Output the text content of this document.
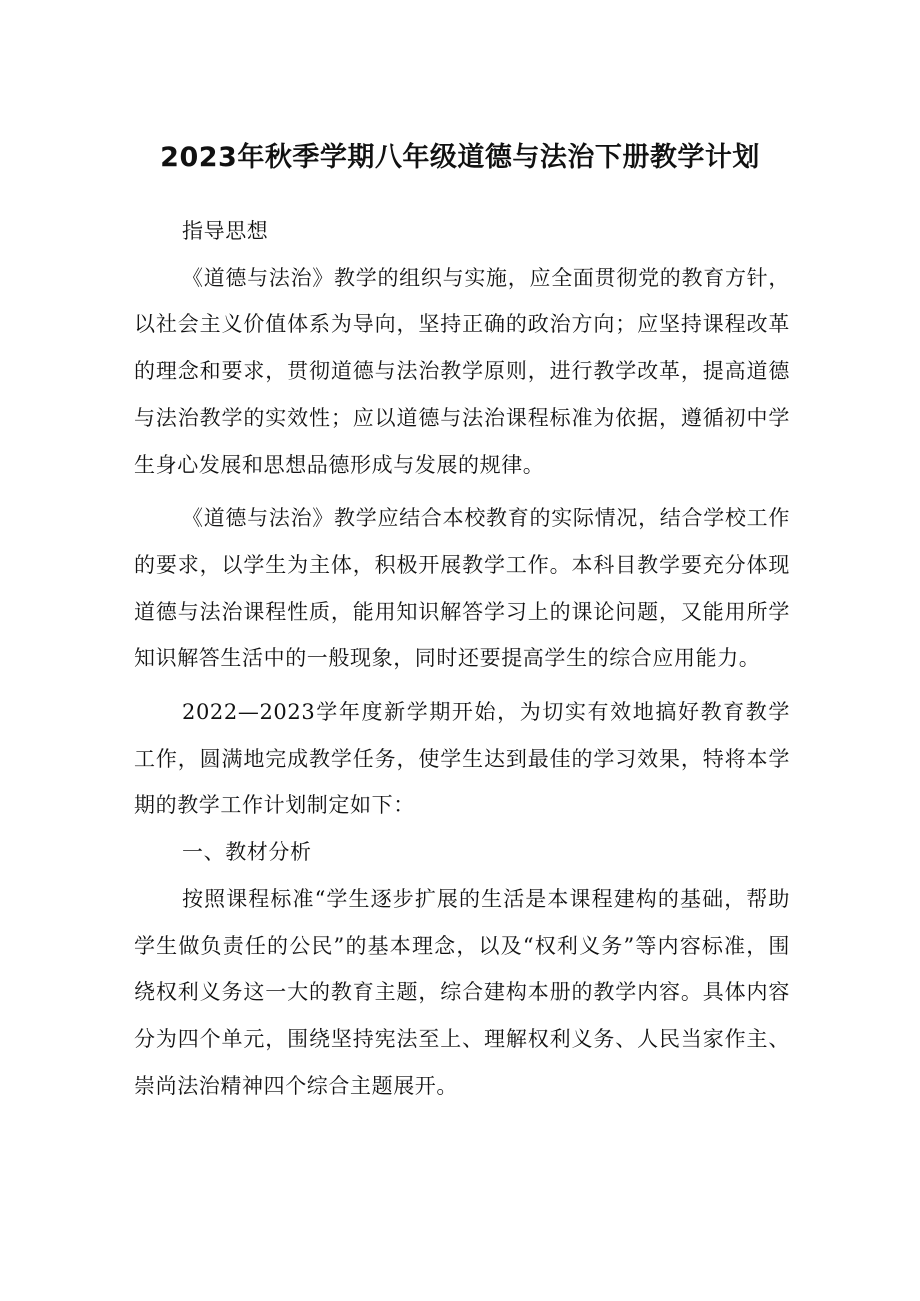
2023年秋季学期八年级道德与法治下册教学计划

指导思想

《道德与法治》教学的组织与实施，应全面贯彻党的教育方针，以社会主义价值体系为导向，坚持正确的政治方向；应坚持课程改革的理念和要求，贯彻道德与法治教学原则，进行教学改革，提高道德与法治教学的实效性；应以道德与法治课程标准为依据，遵循初中学生身心发展和思想品德形成与发展的规律。

《道德与法治》教学应结合本校教育的实际情况，结合学校工作的要求，以学生为主体，积极开展教学工作。本科目教学要充分体现道德与法治课程性质，能用知识解答学习上的课论问题，又能用所学知识解答生活中的一般现象，同时还要提高学生的综合应用能力。

2022—2023学年度新学期开始，为切实有效地搞好教育教学工作，圆满地完成教学任务，使学生达到最佳的学习效果，特将本学期的教学工作计划制定如下：

一、教材分析

按照课程标准“学生逐步扩展的生活是本课程建构的基础，帮助学生做负责任的公民”的基本理念，以及“权利义务”等内容标准，围绕权利义务这一大的教育主题，综合建构本册的教学内容。具体内容分为四个单元，围绕坚持宪法至上、理解权利义务、人民当家作主、崇尚法治精神四个综合主题展开。
